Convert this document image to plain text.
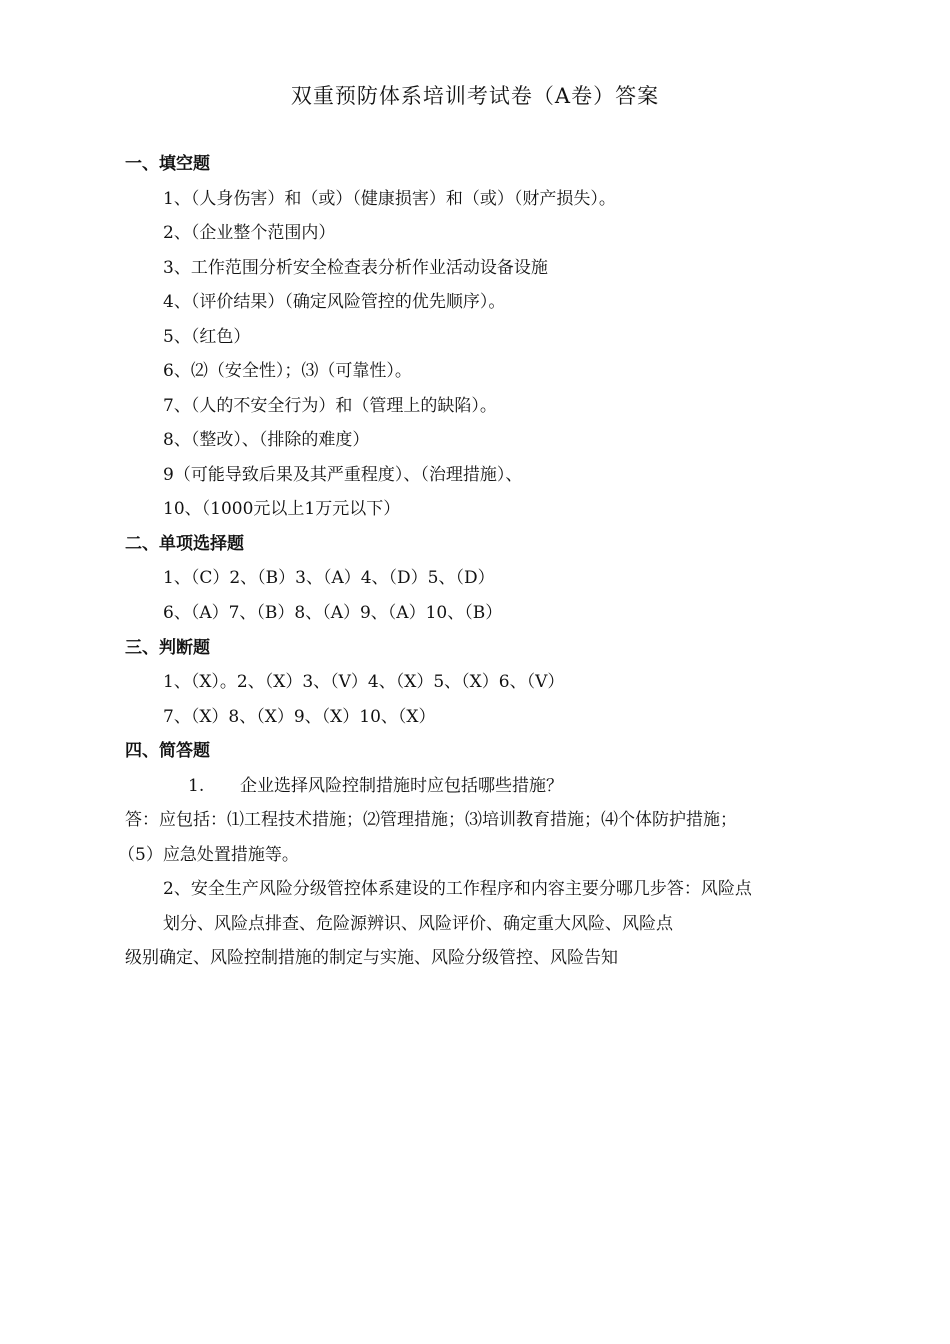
双重预防体系培训考试卷（A卷）答案
一、填空题
1、（人身伤害）和（或）（健康损害）和（或）（财产损失）。
2、（企业整个范围内）
3、工作范围分析安全检查表分析作业活动设备设施
4、（评价结果）（确定风险管控的优先顺序）。
5、（红色）
6、⑵（安全性）；⑶（可靠性）。
7、（人的不安全行为）和（管理上的缺陷）。
8、（整改）、（排除的难度）
9（可能导致后果及其严重程度）、（治理措施）、
10、（1000元以上1万元以下）
二、单项选择题
1、（C）2、（B）3、（A）4、（D）5、（D）
6、（A）7、（B）8、（A）9、（A）10、（B）
三、判断题
1、（X）。2、（X）3、（V）4、（X）5、（X）6、（V）
7、（X）8、（X）9、（X）10、（X）
四、简答题
1. 企业选择风险控制措施时应包括哪些措施？
答：应包括：⑴工程技术措施；⑵管理措施；⑶培训教育措施；⑷个体防护措施；
（5）应急处置措施等。
2、安全生产风险分级管控体系建设的工作程序和内容主要分哪几步答：风险点
划分、风险点排查、危险源辨识、风险评价、确定重大风险、风险点
级别确定、风险控制措施的制定与实施、风险分级管控、风险告知
